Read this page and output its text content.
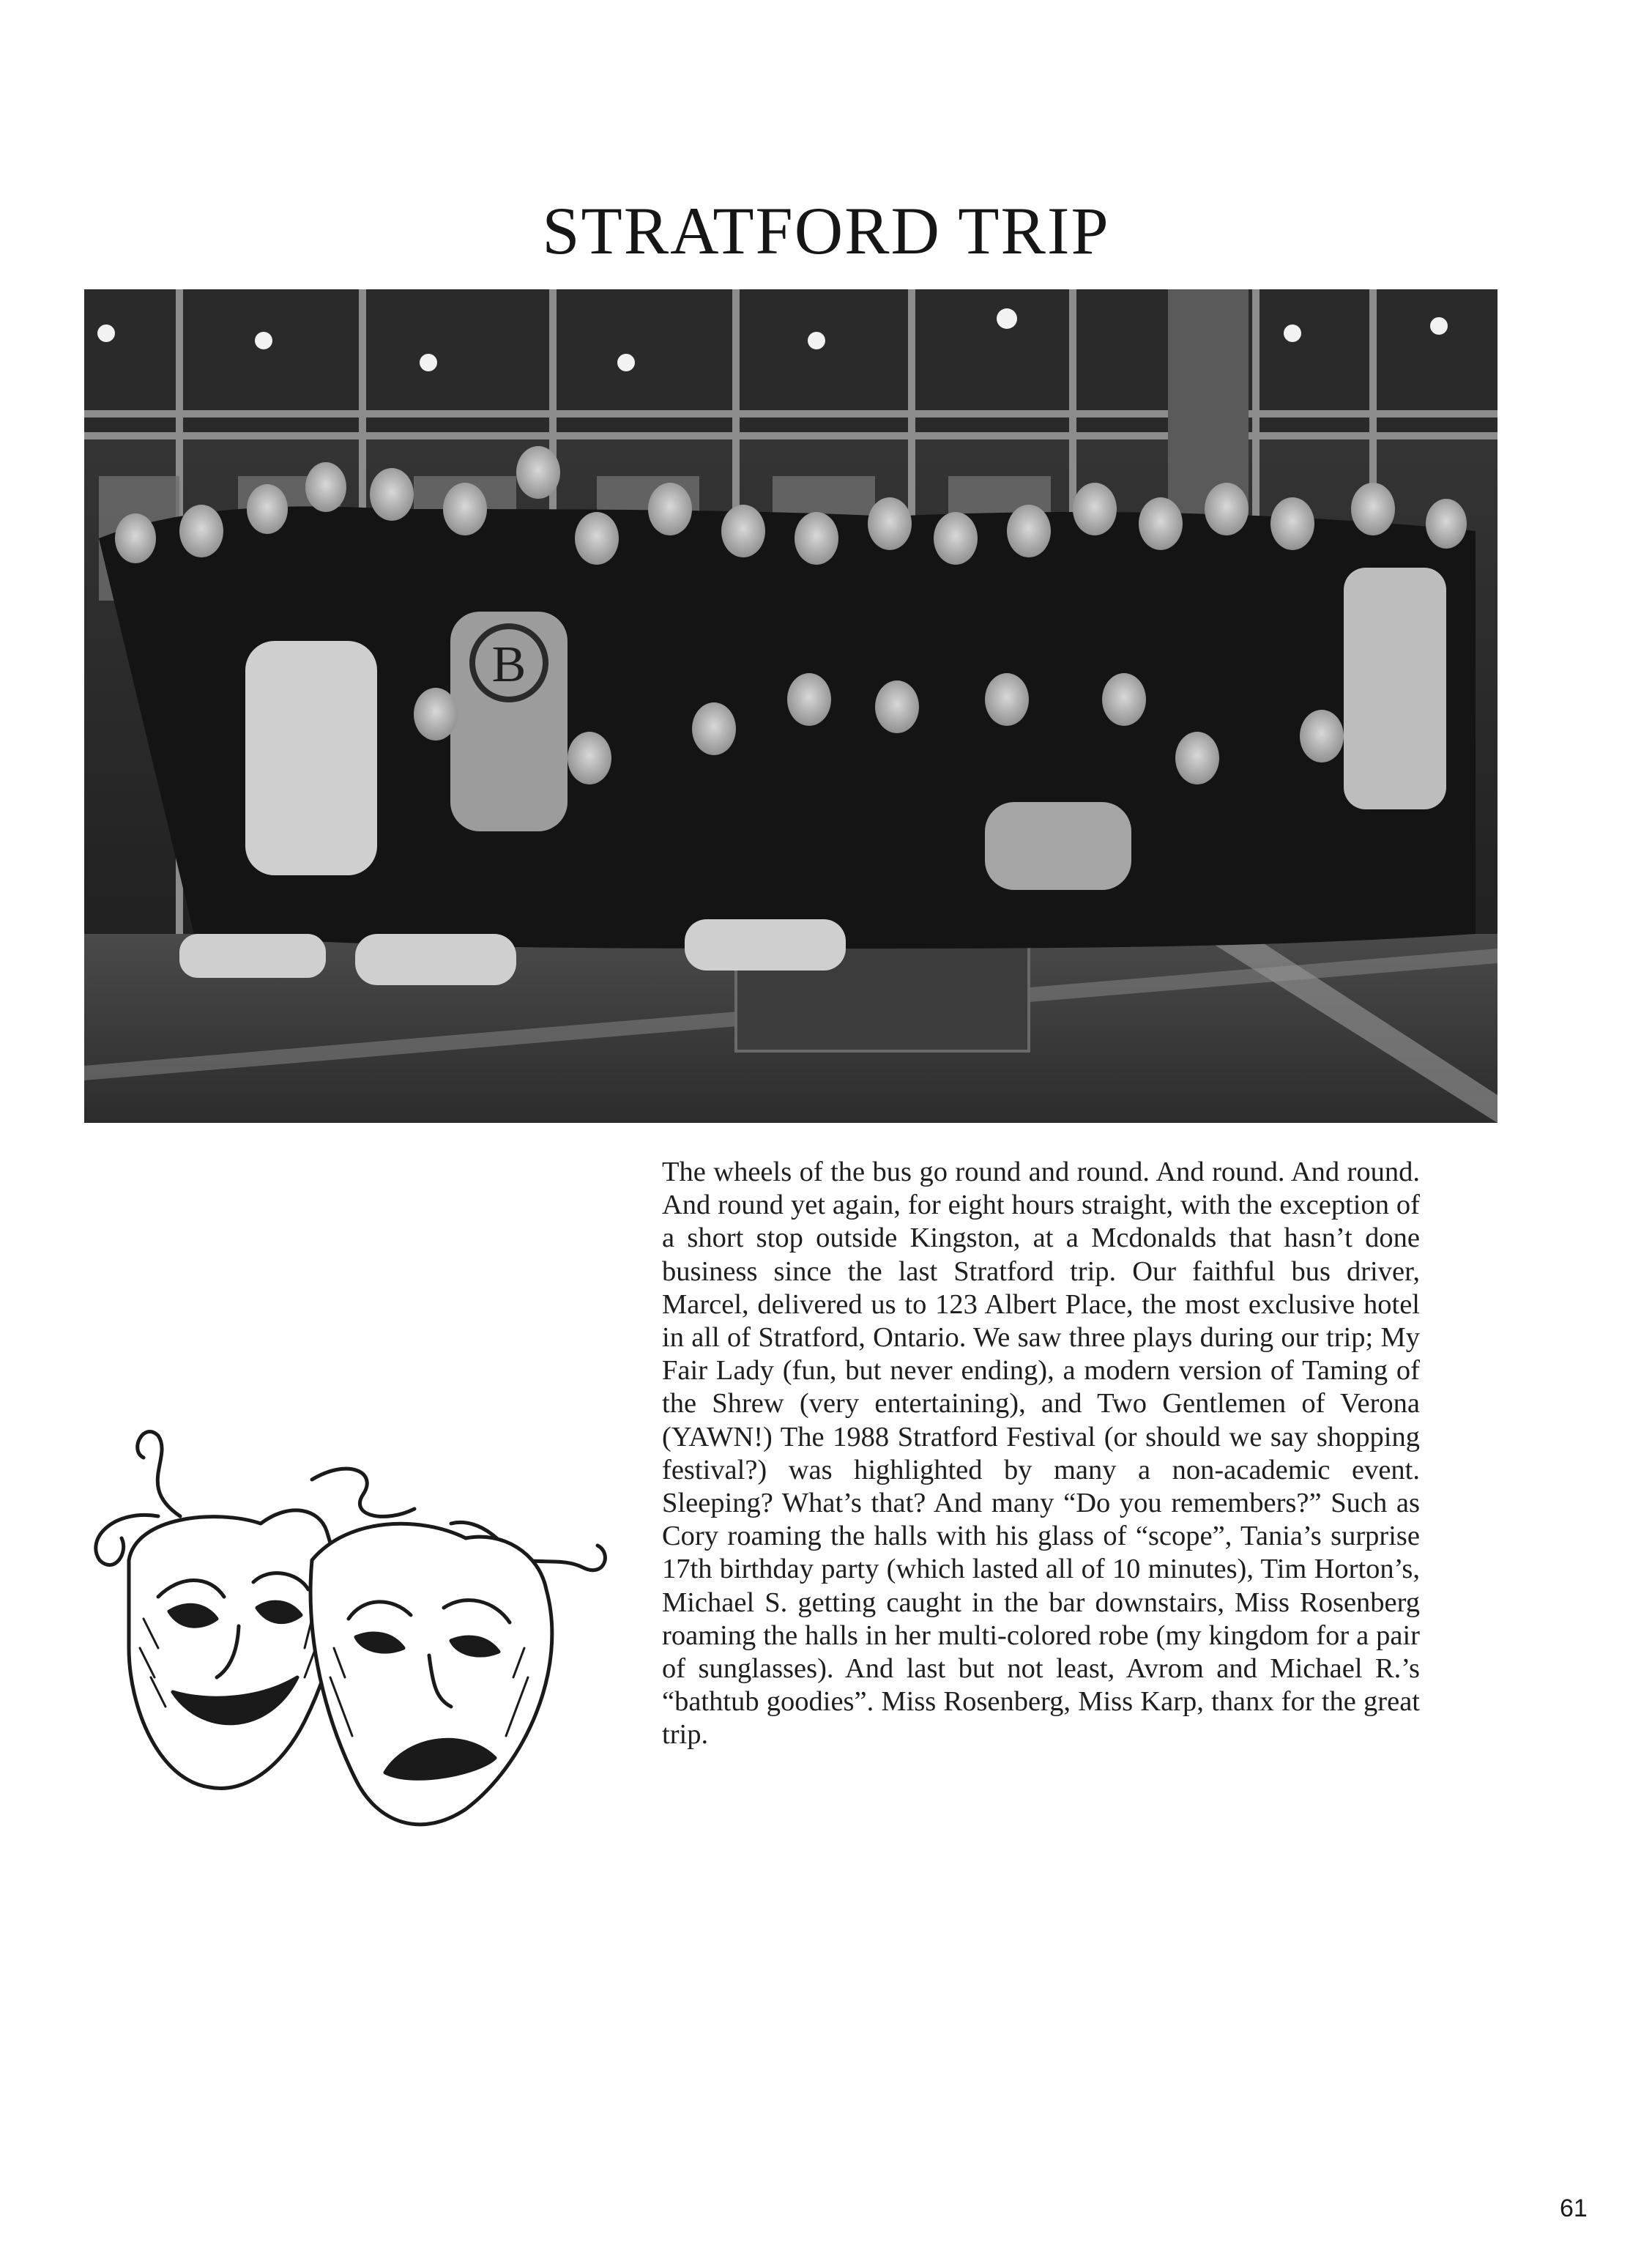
STRATFORD TRIP
B

The wheels of the bus go round and round. And round. And round. And round yet again, for eight hours straight, with the exception of a short stop outside Kingston, at a Mcdonalds that hasn’t done business since the last Stratford trip. Our faithful bus driver, Marcel, delivered us to 123 Albert Place, the most exclusive hotel in all of Stratford, Ontario. We saw three plays during our trip; My Fair Lady (fun, but never ending), a modern version of Taming of the Shrew (very entertaining), and Two Gentlemen of Verona (YAWN!) The 1988 Stratford Festival (or should we say shopping festival?) was highlighted by many a non-academic event. Sleeping? What’s that? And many “Do you remembers?” Such as Cory roaming the halls with his glass of “scope”, Tania’s surprise 17th birthday party (which lasted all of 10 minutes), Tim Horton’s, Michael S. getting caught in the bar downstairs, Miss Rosenberg roaming the halls in her multi-colored robe (my kingdom for a pair of sunglasses). And last but not least, Avrom and Michael R.’s “bathtub goodies”. Miss Rosenberg, Miss Karp, thanx for the great trip.

61
